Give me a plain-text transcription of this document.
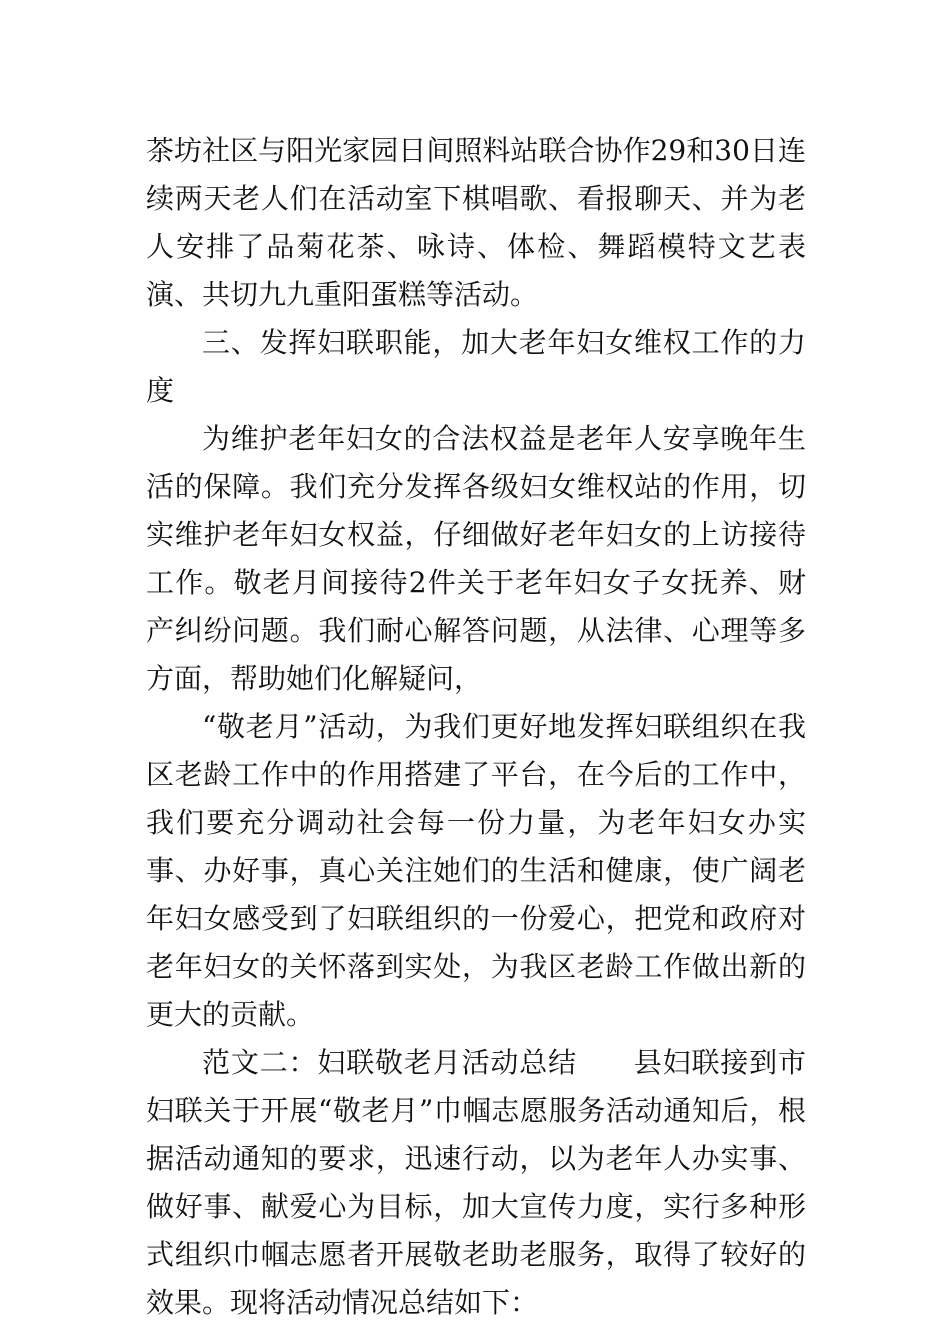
茶坊社区与阳光家园日间照料站联合协作29和30日连续两天老人们在活动室下棋唱歌、看报聊天、并为老人安排了品菊花茶、咏诗、体检、舞蹈模特文艺表演、共切九九重阳蛋糕等活动。

三、发挥妇联职能，加大老年妇女维权工作的力度

为维护老年妇女的合法权益是老年人安享晚年生活的保障。我们充分发挥各级妇女维权站的作用，切实维护老年妇女权益，仔细做好老年妇女的上访接待工作。敬老月间接待2件关于老年妇女子女抚养、财产纠纷问题。我们耐心解答问题，从法律、心理等多方面，帮助她们化解疑问，

“敬老月”活动，为我们更好地发挥妇联组织在我区老龄工作中的作用搭建了平台，在今后的工作中，我们要充分调动社会每一份力量，为老年妇女办实事、办好事，真心关注她们的生活和健康，使广阔老年妇女感受到了妇联组织的一份爱心，把党和政府对老年妇女的关怀落到实处，为我区老龄工作做出新的更大的贡献。

范文二：妇联敬老月活动总结 县妇联接到市妇联关于开展“敬老月”巾帼志愿服务活动通知后，根据活动通知的要求，迅速行动，以为老年人办实事、做好事、献爱心为目标，加大宣传力度，实行多种形式组织巾帼志愿者开展敬老助老服务，取得了较好的效果。现将活动情况总结如下：
